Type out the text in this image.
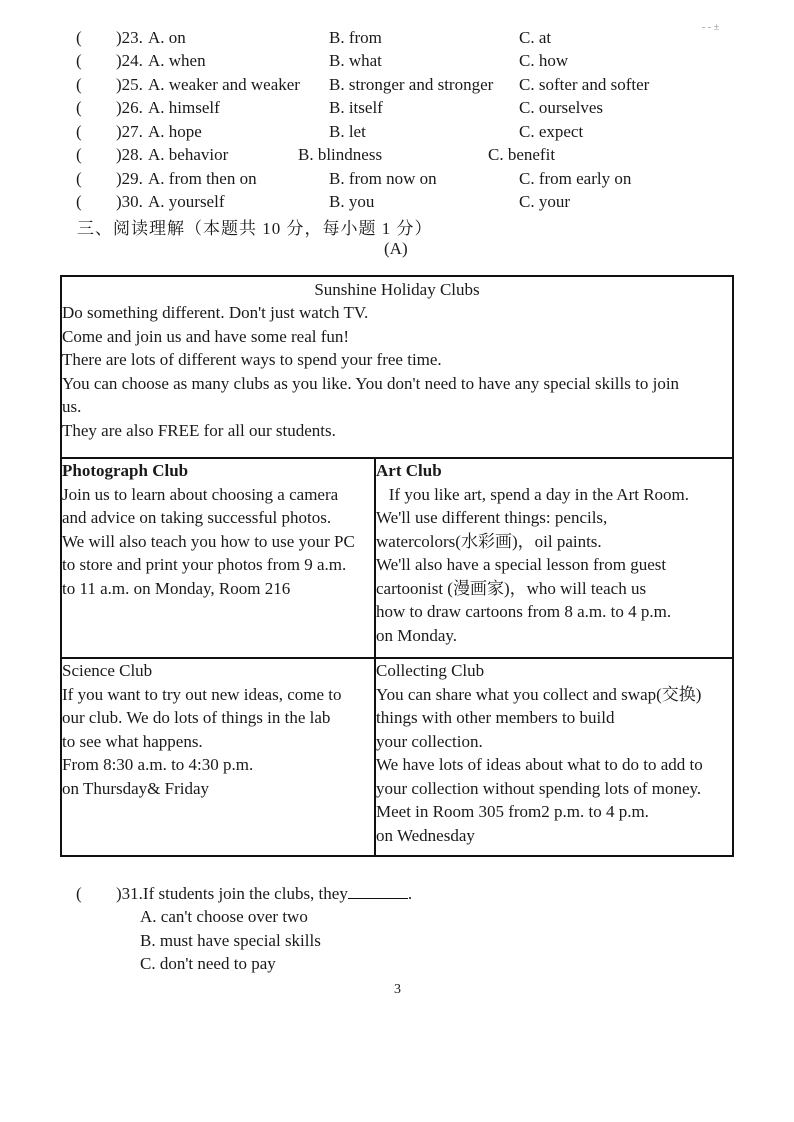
- - ±
( )23. A. on	B. from	C. at
( )24. A. when	B. what	C. how
( )25. A. weaker and weaker B. stronger and stronger C. softer and softer
( )26. A. himself	B. itself	C. ourselves
( )27. A. hope	B. let	C. expect
( )28. A. behavior	B. blindness	C. benefit
( )29. A. from then on	B. from now on	C. from early on
( )30. A. yourself	B. you	C. your
三、阅读理解（本题共 10 分，每小题 1 分）
(A)
Sunshine Holiday Clubs
Do something different. Don't just watch TV.
Come and join us and have some real fun!
There are lots of different ways to spend your free time.
You can choose as many clubs as you like. You don't need to have any special skills to join
us.
They are also FREE for all our students.
Photograph Club
Join us to learn about choosing a camera
and advice on taking successful photos.
We will also teach you how to use your PC
to store and print your photos from 9 a.m.
to 11 a.m. on Monday, Room 216
Art Club
If you like art, spend a day in the Art Room.
We'll use different things: pencils,
watercolors(水彩画)，oil paints.
We'll also have a special lesson from guest
cartoonist (漫画家)，who will teach us
how to draw cartoons from 8 a.m. to 4 p.m.
on Monday.
Science Club
If you want to try out new ideas, come to
our club. We do lots of things in the lab
to see what happens.
From 8:30 a.m. to 4:30 p.m.
on Thursday& Friday
Collecting Club
You can share what you collect and swap(交换)
things with other members to build
your collection.
We have lots of ideas about what to do to add to
your collection without spending lots of money.
Meet in Room 305 from2 p.m. to 4 p.m.
on Wednesday
( )31.If students join the clubs, they	.
A. can't choose over two
B. must have special skills
C. don't need to pay
3
